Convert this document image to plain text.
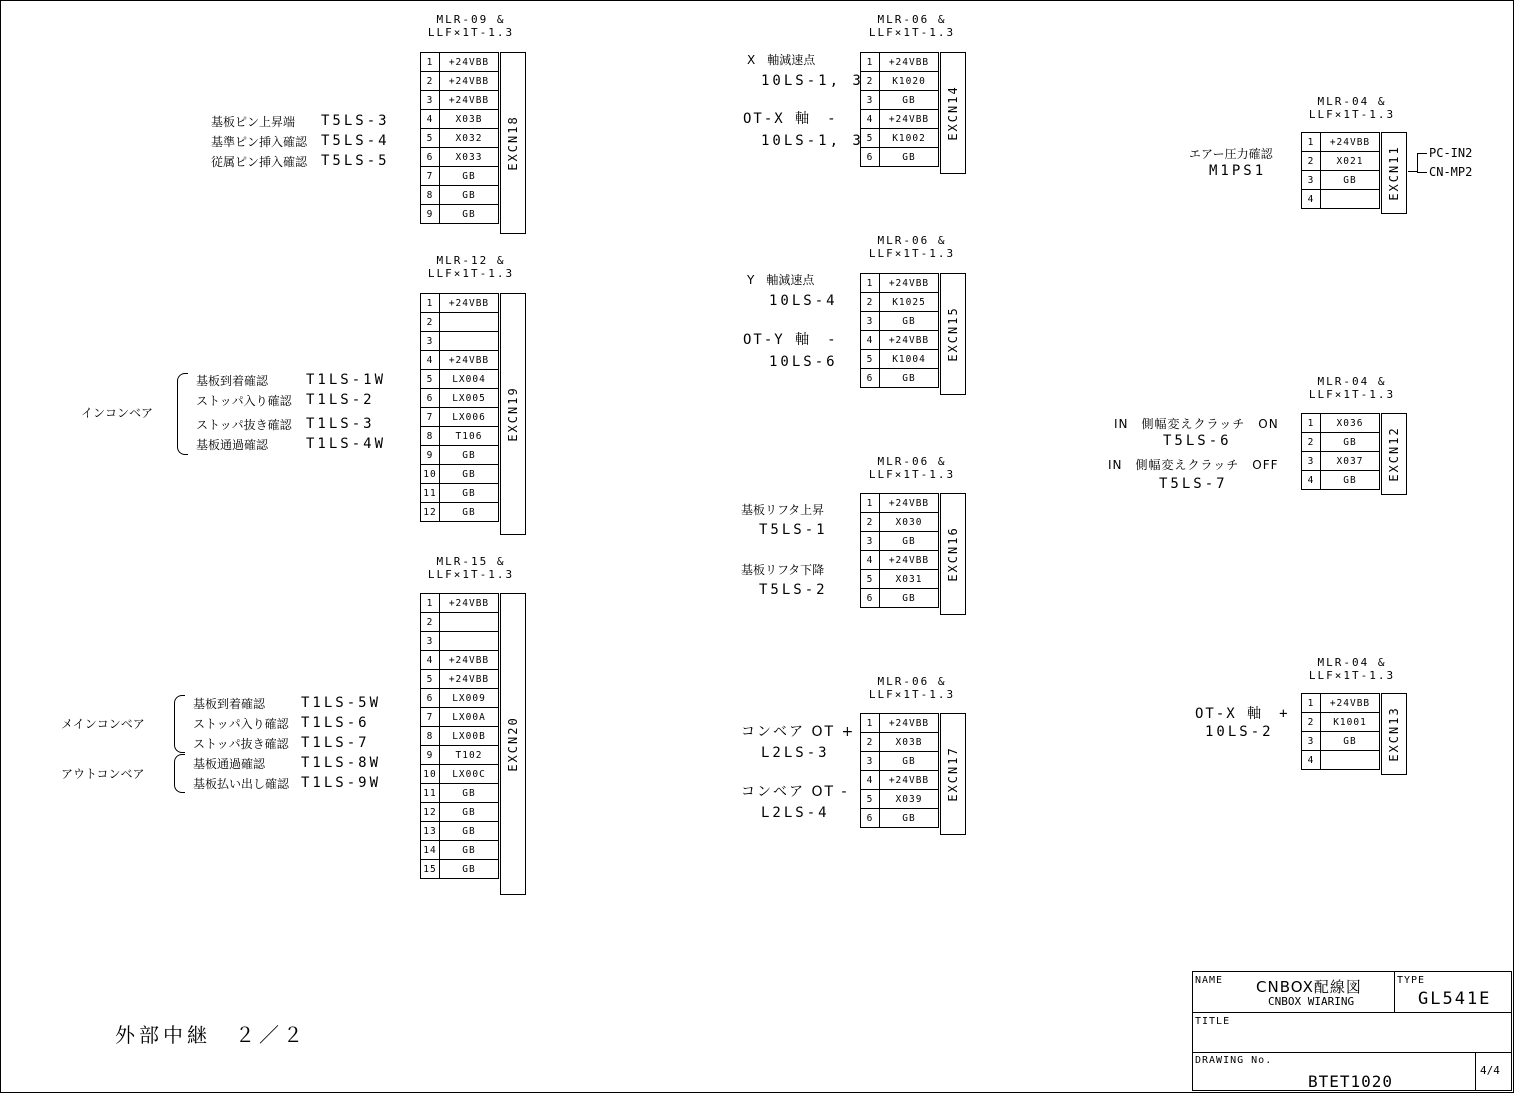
MLR-09 &
LLF×1T-1.3
1	+24VBB
2	+24VBB
3	+24VBB
4	X03B
5	X032
6	X033
7	GB
8	GB
9	GB
EXCN18
MLR-12 &
LLF×1T-1.3
1	+24VBB
2	
3	
4	+24VBB
5	LX004
6	LX005
7	LX006
8	T106
9	GB
10	GB
11	GB
12	GB
EXCN19
MLR-15 &
LLF×1T-1.3
1	+24VBB
2	
3	
4	+24VBB
5	+24VBB
6	LX009
7	LX00A
8	LX00B
9	T102
10	LX00C
11	GB
12	GB
13	GB
14	GB
15	GB
EXCN20
MLR-06 &
LLF×1T-1.3
1	+24VBB
2	K1020
3	GB
4	+24VBB
5	K1002
6	GB
EXCN14
MLR-06 &
LLF×1T-1.3
1	+24VBB
2	K1025
3	GB
4	+24VBB
5	K1004
6	GB
EXCN15
MLR-06 &
LLF×1T-1.3
1	+24VBB
2	X030
3	GB
4	+24VBB
5	X031
6	GB
EXCN16
MLR-06 &
LLF×1T-1.3
1	+24VBB
2	X03B
3	GB
4	+24VBB
5	X039
6	GB
EXCN17
MLR-04 &
LLF×1T-1.3
1	+24VBB
2	X021
3	GB
4		EXCN11
MLR-04 &
LLF×1T-1.3
1	X036
2	GB
3	X037
4	GB	EXCN12
MLR-04 &
LLF×1T-1.3
1	+24VBB
2	K1001
3	GB
4		EXCN13
基板ピン上昇端 T5LS-3
基準ピン挿入確認 T5LS-4
従属ピン挿入確認 T5LS-5
インコンベア
基板到着確認	T1LS-1W
ストッパ入り確認 T1LS-2
ストッパ抜き確認 T1LS-3
基板通過確認	T1LS-4W
メインコンベア
アウトコンベア
基板到着確認	T1LS-5W
ストッパ入り確認 T1LS-6
ストッパ抜き確認 T1LS-7
基板通過確認	T1LS-8W
基板払い出し確認 T1LS-9W
X　軸減速点
10LS-1, 3
OT-X 軸　-
10LS-1, 3
Y　軸減速点
10LS-4
OT-Y 軸　-
10LS-6
基板リフタ上昇
T5LS-1
基板リフタ下降
T5LS-2
コンベア OT +
L2LS-3
コンベア OT -
L2LS-4
エアー圧力確認
M1PS1
PC-IN2
CN-MP2
IN　側幅変えクラッチ　ON
T5LS-6
IN　側幅変えクラッチ　OFF
T5LS-7
OT-X 軸　+
10LS-2
外部中継　２／２
NAME CNBOX配線図
CNBOX WIARING
TYPE
GL541E
TITLE
DRAWING No.
BTET1020
4/4
